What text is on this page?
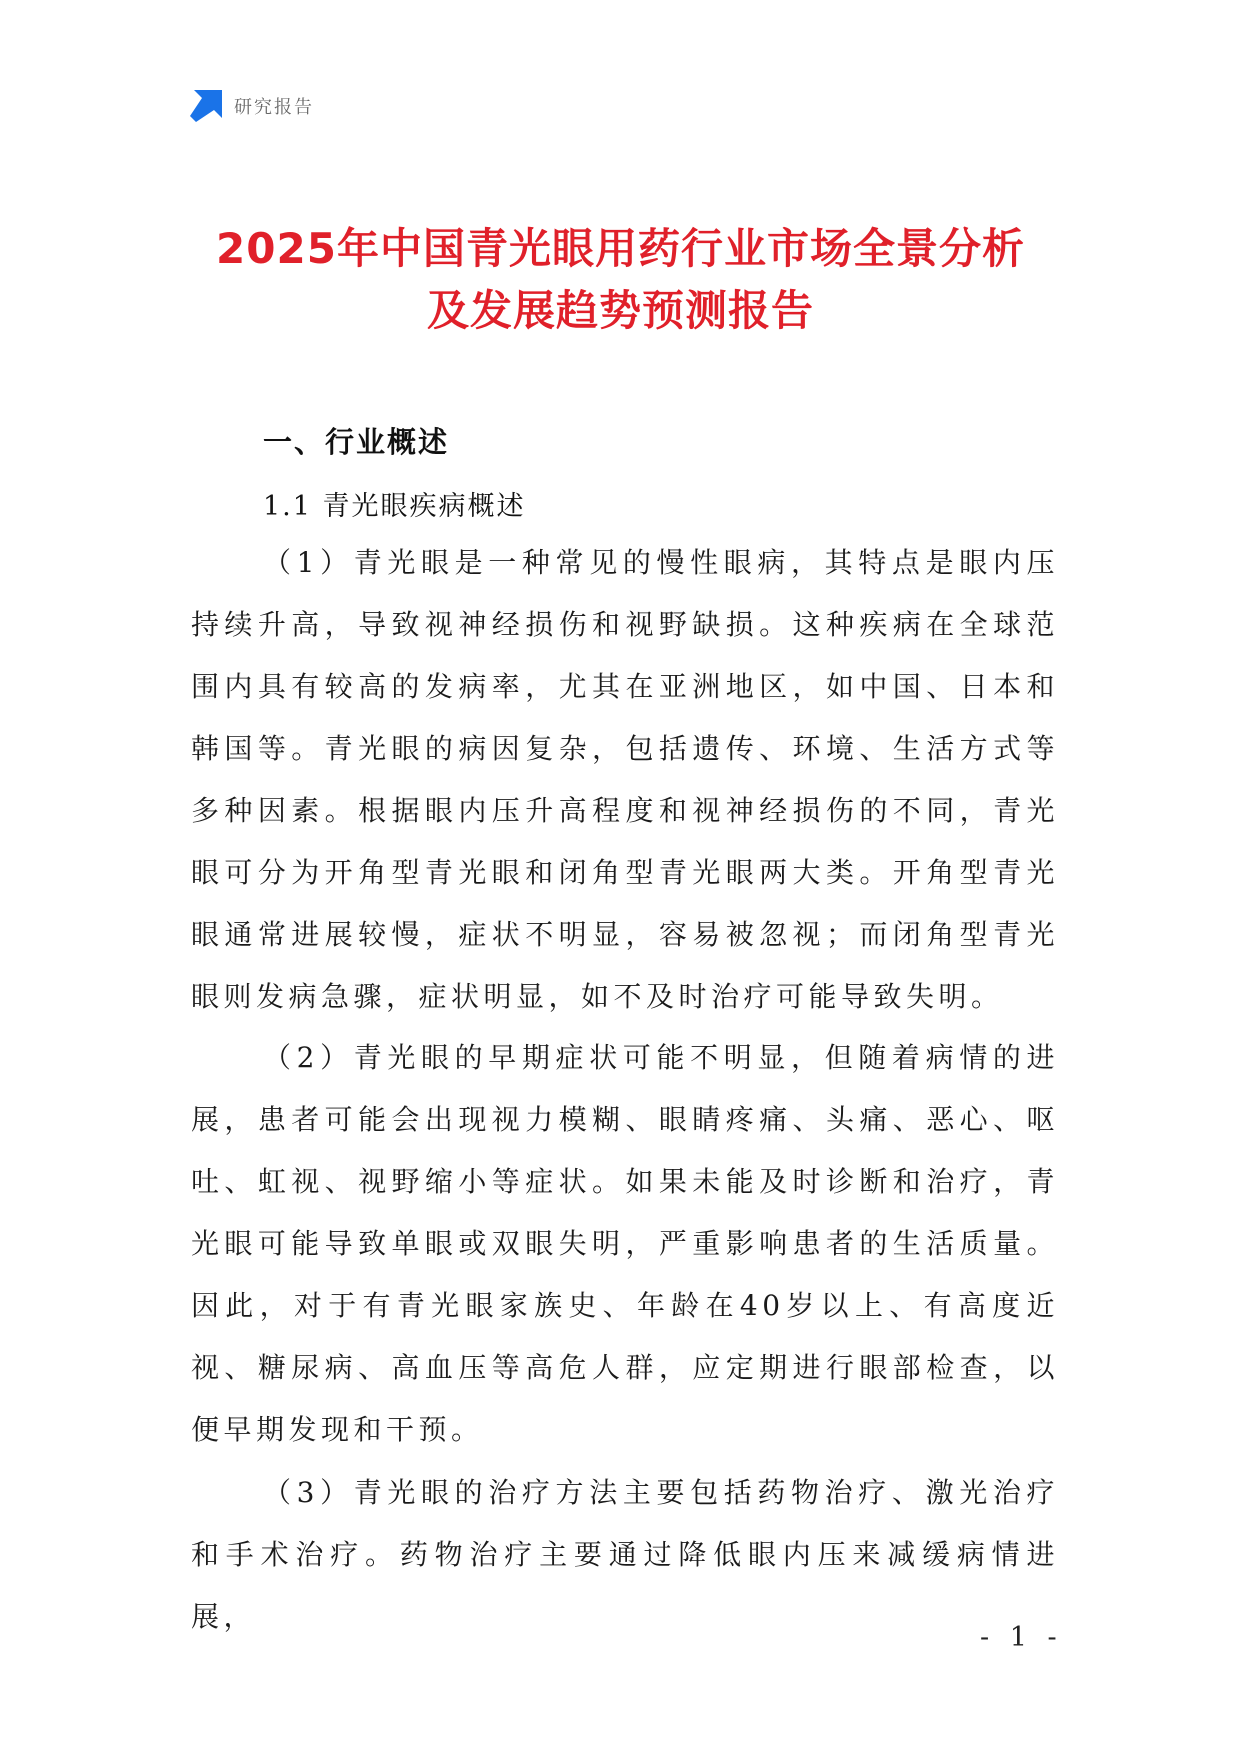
研究报告
2025年中国青光眼用药行业市场全景分析
及发展趋势预测报告
一、行业概述
1.1 青光眼疾病概述

（1）青光眼是一种常见的慢性眼病，其特点是眼内压持续升高，导致视神经损伤和视野缺损。这种疾病在全球范围内具有较高的发病率，尤其在亚洲地区，如中国、日本和韩国等。青光眼的病因复杂，包括遗传、环境、生活方式等多种因素。根据眼内压升高程度和视神经损伤的不同，青光眼可分为开角型青光眼和闭角型青光眼两大类。开角型青光眼通常进展较慢，症状不明显，容易被忽视；而闭角型青光眼则发病急骤，症状明显，如不及时治疗可能导致失明。

（2）青光眼的早期症状可能不明显，但随着病情的进展，患者可能会出现视力模糊、眼睛疼痛、头痛、恶心、呕吐、虹视、视野缩小等症状。如果未能及时诊断和治疗，青光眼可能导致单眼或双眼失明，严重影响患者的生活质量。因此，对于有青光眼家族史、年龄在40岁以上、有高度近视、糖尿病、高血压等高危人群，应定期进行眼部检查，以便早期发现和干预。

（3）青光眼的治疗方法主要包括药物治疗、激光治疗和手术治疗。药物治疗主要通过降低眼内压来减缓病情进展，

- 1 -
